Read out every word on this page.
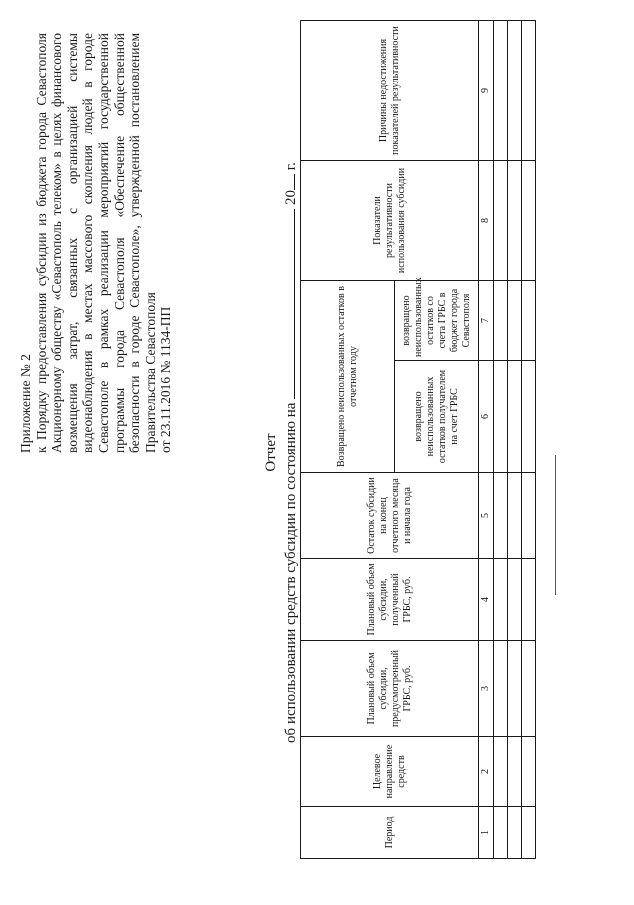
Приложение № 2 к Порядку предоставления субсидии из бюджета города Севастополя Акционерному обществу «Севастополь телеком» в целях финансового возмещения затрат, связанных с организацией системы видеонаблюдения в местах массового скопления людей в городе Севастополе в рамках реализации мероприятий государственной программы города Севастополя «Обеспечение общественной безопасности в городе Севастополе», утвержденной постановлением Правительства Севастополя от 23.11.2016 № 1134-ПП	Отчет об использовании средств субсидии по состоянию на  20 г.
Период	Целевое направление средств	Плановый объем субсидии, предусмотренный ГРБС, руб.	Плановый объем субсидии, полученный ГРБС, руб.	Остаток субсидии на конец отчетного месяца и начала года	Возвращено неиспользованных остатков в отчетном году		Показатели результативности использования субсидии	Причины недостижения показателей результативности
					возвращено неиспользованных остатков получателем на счет ГРБС	возвращено неиспользованных остатков со счета ГРБС в бюджет города Севастополя		
1	2	3	4	5	6	7	8	9
